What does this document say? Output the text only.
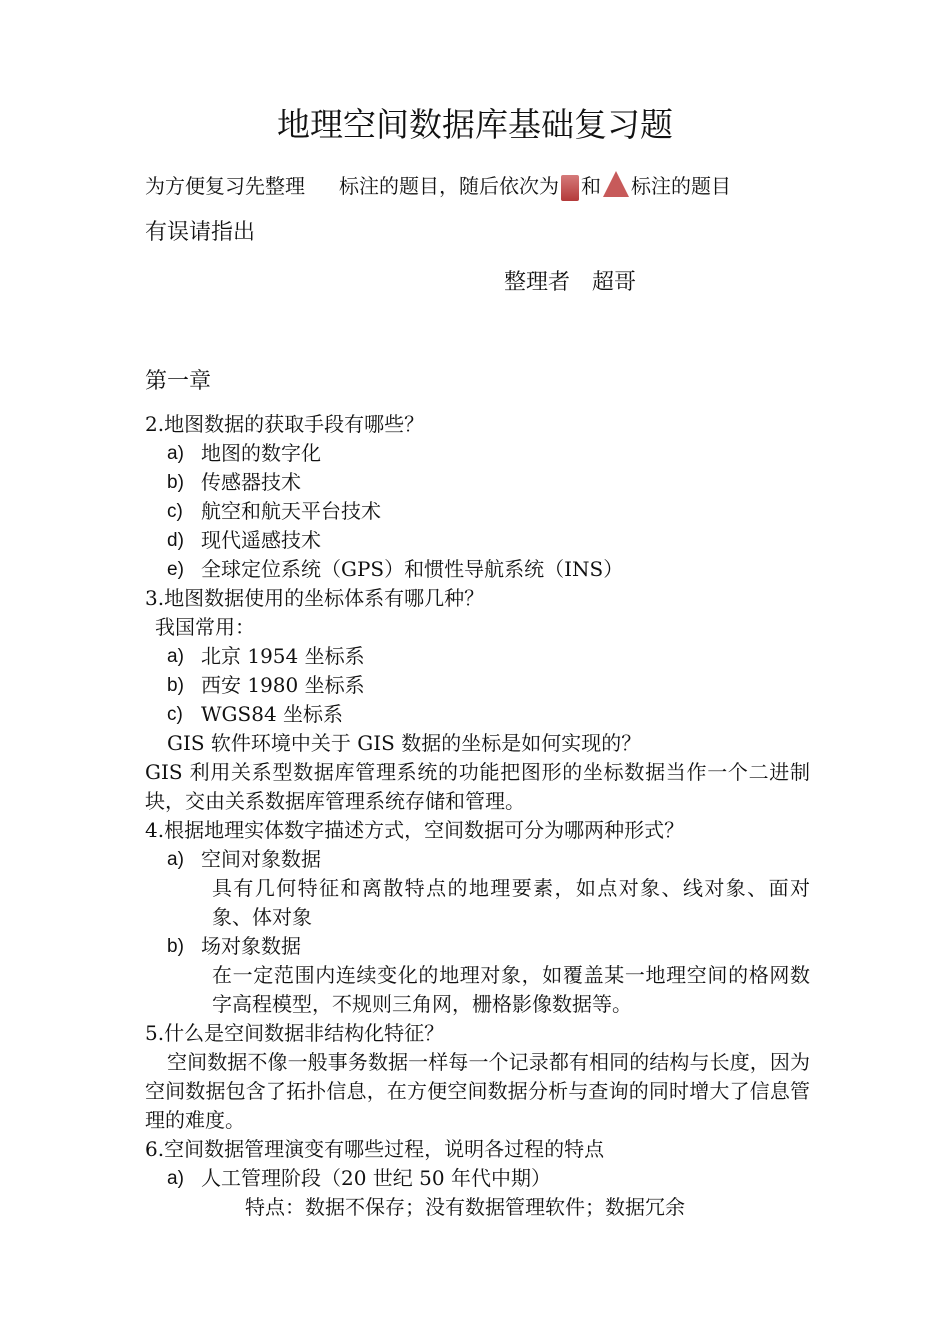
地理空间数据库基础复习题
为方便复习先整理 标注的题目，随后依次为 和 标注的题目
有误请指出
整理者　超哥
第一章

2.地图数据的获取手段有哪些？

a) 地图的数字化
b) 传感器技术
c) 航空和航天平台技术
d) 现代遥感技术
e) 全球定位系统（GPS）和惯性导航系统（INS）

3.地图数据使用的坐标体系有哪几种？

我国常用：

a) 北京 1954 坐标系
b) 西安 1980 坐标系
c) WGS84 坐标系

GIS 软件环境中关于 GIS 数据的坐标是如何实现的？

GIS 利用关系型数据库管理系统的功能把图形的坐标数据当作一个二进制块，交由关系数据库管理系统存储和管理。

4.根据地理实体数字描述方式，空间数据可分为哪两种形式？

a) 空间对象数据

具有几何特征和离散特点的地理要素，如点对象、线对象、面对象、体对象

b) 场对象数据

在一定范围内连续变化的地理对象，如覆盖某一地理空间的格网数字高程模型，不规则三角网，栅格影像数据等。

5.什么是空间数据非结构化特征？

空间数据不像一般事务数据一样每一个记录都有相同的结构与长度，因为空间数据包含了拓扑信息，在方便空间数据分析与查询的同时增大了信息管理的难度。

6.空间数据管理演变有哪些过程，说明各过程的特点

a) 人工管理阶段（20 世纪 50 年代中期）

特点：数据不保存；没有数据管理软件；数据冗余
